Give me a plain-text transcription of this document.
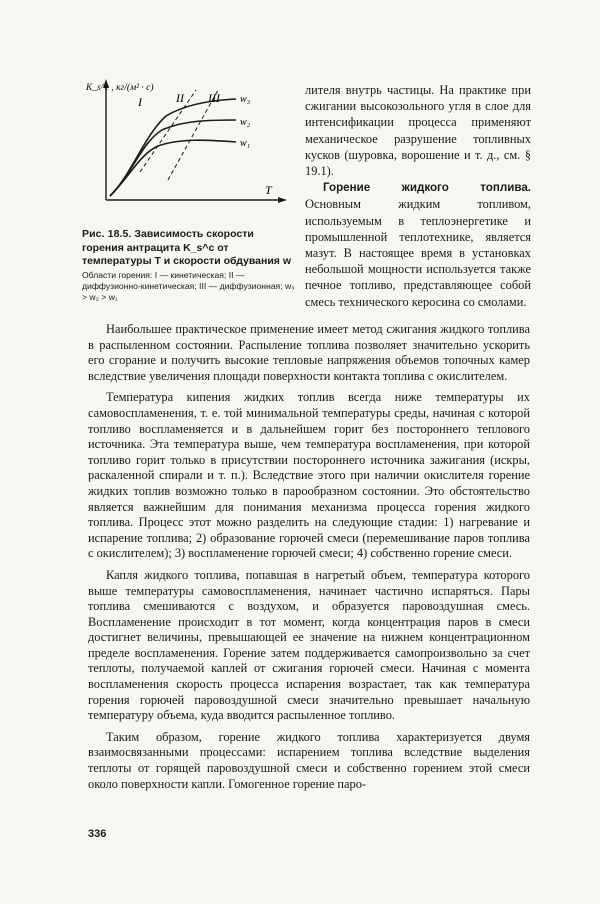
K_s^c , кг/(м² · с)
T
I	II III w₃
w₂
w₁
Рис. 18.5. Зависимость скорости горения антрацита K_s^c от температуры T и скорости обдувания w
Области горения: I — кинетическая; II — диффузионно-кинетическая; III — диффузионная; w₃ > w₂ > w₁

лителя внутрь частицы. На практике при сжигании высокозольного угля в слое для интенсификации процесса применяют механическое разрушение топливных кусков (шуровка, ворошение и т. д., см. § 19.1).

Горение жидкого топлива. Основным жидким топливом, используемым в теплоэнергетике и промышленной теплотехнике, является мазут. В настоящее время в установках небольшой мощности используется также печное топливо, представляющее собой смесь технического керосина со смолами.

Наибольшее практическое применение имеет метод сжигания жидкого топлива в распыленном состоянии. Распыление топлива позволяет значительно ускорить его сгорание и получить высокие тепловые напряжения объемов топочных камер вследствие увеличения площади поверхности контакта топлива с окислителем.

Температура кипения жидких топлив всегда ниже температуры их самовоспламенения, т. е. той минимальной температуры среды, начиная с которой топливо воспламеняется и в дальнейшем горит без постороннего теплового источника. Эта температура выше, чем температура воспламенения, при которой топливо горит только в присутствии постороннего источника зажигания (искры, раскаленной спирали и т. п.). Вследствие этого при наличии окислителя горение жидких топлив возможно только в парообразном состоянии. Это обстоятельство является важнейшим для понимания механизма процесса горения жидкого топлива. Процесс этот можно разделить на следующие стадии: 1) нагревание и испарение топлива; 2) образование горючей смеси (перемешивание паров топлива с окислителем); 3) воспламенение горючей смеси; 4) собственно горение смеси.

Капля жидкого топлива, попавшая в нагретый объем, температура которого выше температуры самовоспламенения, начинает частично испаряться. Пары топлива смешиваются с воздухом, и образуется паровоздушная смесь. Воспламенение происходит в тот момент, когда концентрация паров в смеси достигнет величины, превышающей ее значение на нижнем концентрационном пределе воспламенения. Горение затем поддерживается самопроизвольно за счет теплоты, получаемой каплей от сжигания горючей смеси. Начиная с момента воспламенения скорость процесса испарения возрастает, так как температура горения горючей паровоздушной смеси значительно превышает начальную температуру объема, куда вводится распыленное топливо.

Таким образом, горение жидкого топлива характеризуется двумя взаимосвязанными процессами: испарением топлива вследствие выделения теплоты от горящей паровоздушной смеси и собственно горением этой смеси около поверхности капли. Гомогенное горение паро-

336
